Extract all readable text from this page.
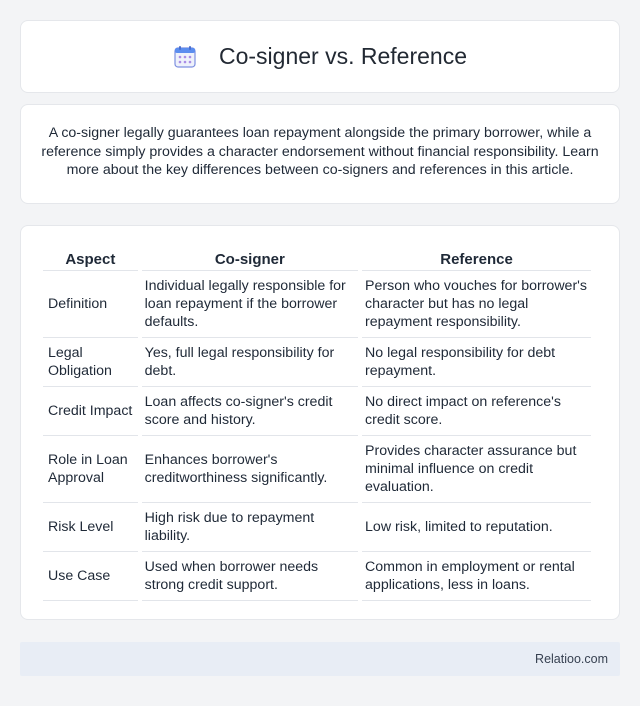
Co-signer vs. Reference

A co-signer legally guarantees loan repayment alongside the primary borrower, while a reference simply provides a character endorsement without financial responsibility. Learn more about the key differences between co-signers and references in this article.

Aspect	Co-signer	Reference
Definition	Individual legally responsible for loan repayment if the borrower defaults.	Person who vouches for borrower's character but has no legal repayment responsibility.
Legal Obligation	Yes, full legal responsibility for debt.	No legal responsibility for debt repayment.
Credit Impact	Loan affects co-signer's credit score and history.	No direct impact on reference's credit score.
Role in Loan Approval	Enhances borrower's creditworthiness significantly.	Provides character assurance but minimal influence on credit evaluation.
Risk Level	High risk due to repayment liability.	Low risk, limited to reputation.
Use Case	Used when borrower needs strong credit support.	Common in employment or rental applications, less in loans.
Relatioo.com
